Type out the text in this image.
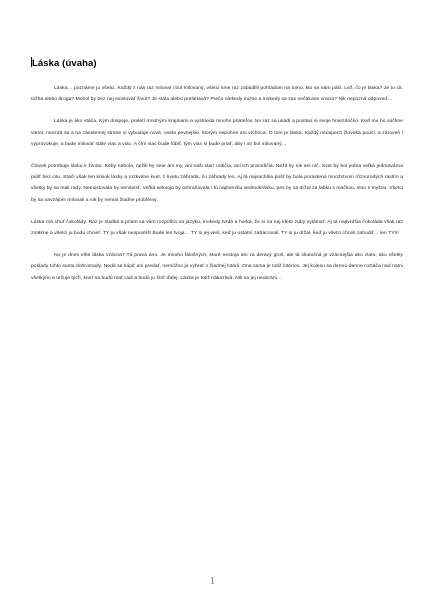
Láska (úvaha)

Láska… poznáme ju všetci. Každý z nás raz miloval i bol milovaný, všetci sme raz zabúdlili pohľadom na tomo, kto sa nám páči. Lež, čo je láska? Je to cit, túžba alebo droga? Mohol by bez nej existovať život? Je stála alebo prelietavá? Prečo niekedy mizne a inokedy sa zas nečakane vracia? Nik nepozná odpoveď…

Láska je ako vtáča. Kým dospeje, preletí mnohými krajinami a vystrieda mnoho priateľov. No raz sa usadí a postaví si svoje hniezdočko. Keď mu ho súčkne vietor, nevzdá sa a na závetemej strane si vybuduje nové, ovela pevnejšie, ktorým nepohne ani víchrica. O tom je láska. Každý neúspech človeka poučí, a zároveň i vyprovokuje, a bude milovať stále viac a viac. A čím viac bude ľúbiť, tým viac si bude priať, aby i on bol milovaný…

Človek potrebuje lásku k životu. Keby nebola, nežili by sme ani my, ani naši starí rodičia, ani ich prarodičia. Nežil by nik ani nič. Svet by bol jedna veľká jednotvárna púšť bez citu. Stačí však len kúsok lásky a rozkvitne kvet, z kvetu záhrada, zo záhrady les. Aj tá najsuchšia púšť by bola porastená množstvom rôznorodých rastlín a všetky by sa mali rady. Neexistovala by nenávisť. Veľká sekvoja by ochraňovala i tú najmenšiu sedmokrásku, pes by sa držal za labku s mačkou, slon s myšou. Všetci by sa navzájom milovali a nik by nemal žiadne problémy.

Láska má chuť čokolády. Raz je sladká a priam sa vám rozpúšťa na jazyku, inokedy tvrdá a horká, že si na nej idete zuby vylámať. Aj tá najtvrdšia čokoláda však raz zmäkne a všetci ju budú chcieť. TY ju však neopustíš! Bude len tvoja… TY si jej veril, keď ju ostatní zatracovali, TY si ju držal, keď ju všetci chceli zahodiť… len TY!!!

No je dnes ešte láska vzácna? Tá pravá áno. Je mnoho falošných, ktoré nestoja ani za deravý groš, ale tá skutočná je vzácnejšia ako zlato, ako všetky poklady tohto sveta dohromady. Nedá sa kúpiť ani predať, nemôžno ju vyhrať v žiadnej lotérii. Ona sama je totiž lotériou. Jej koleso sa denno-denne roztáča nad nami všetkými a určuje tých, ktorí sa budú mať radi a budú ju šíriť ďalej. Láska je totiž nákazlivá. Nik sa jej neubráni…

1
